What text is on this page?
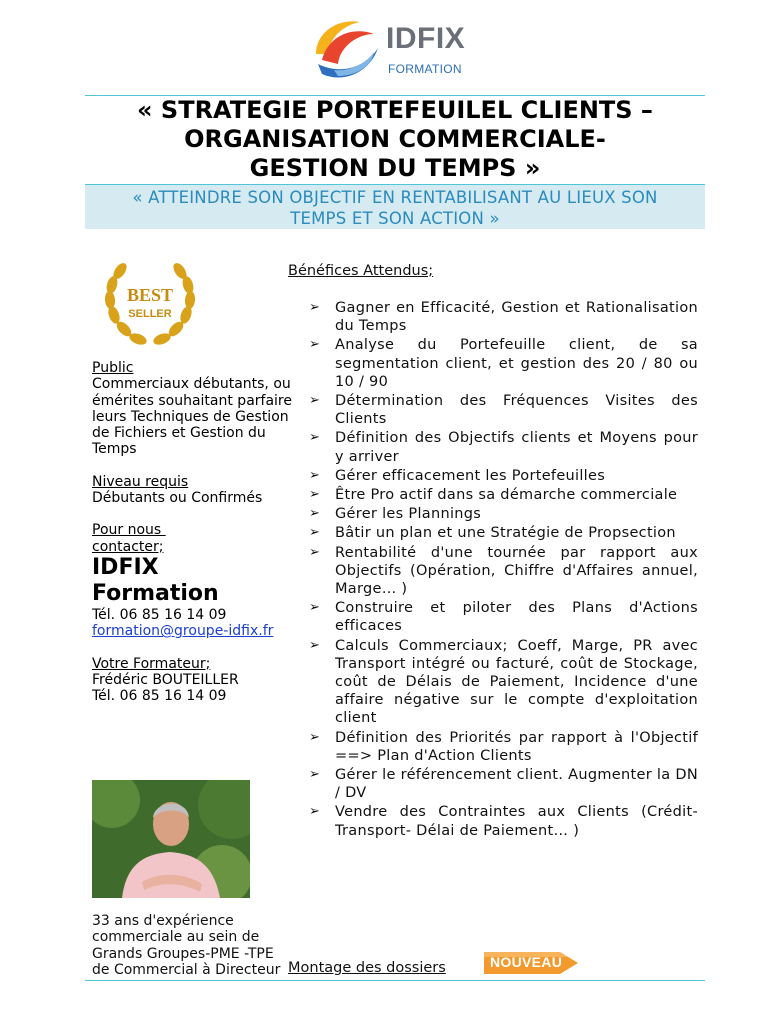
IDFIX
FORMATION
« STRATEGIE PORTEFEUILEL CLIENTS –
ORGANISATION COMMERCIALE-
GESTION DU TEMPS »
« ATTEINDRE SON OBJECTIF EN RENTABILISANT AU LIEUX SON
TEMPS ET SON ACTION »
BEST
SELLER

Public

Commerciaux débutants, ou émérites souhaitant parfaire leurs Techniques de Gestion de Fichiers et Gestion du Temps

Niveau requis

Débutants ou Confirmés

Pour nous

contacter;

IDFIX

Formation

Tél. 06 85 16 14 09

formation@groupe-idfix.fr

Votre Formateur;

Frédéric BOUTEILLER

Tél. 06 85 16 14 09

33 ans d'expérience
commerciale au sein de
Grands Groupes-PME -TPE
de Commercial à Directeur
Bénéfices Attendus;
➢ Gagner en Efficacité, Gestion et Rationalisation du Temps
➢ Analyse du Portefeuille client, de sa segmentation client, et gestion des 20 / 80 ou 10 / 90
➢ Détermination des Fréquences Visites des Clients
➢ Définition des Objectifs clients et Moyens pour y arriver
➢ Gérer efficacement les Portefeuilles
➢ Être Pro actif dans sa démarche commerciale
➢ Gérer les Plannings
➢ Bâtir un plan et une Stratégie de Propsection
➢ Rentabilité d'une tournée par rapport aux Objectifs (Opération, Chiffre d'Affaires annuel, Marge… )
➢ Construire et piloter des Plans d'Actions efficaces
➢ Calculs Commerciaux; Coeff, Marge, PR avec Transport intégré ou facturé, coût de Stockage, coût de Délais de Paiement, Incidence d'une affaire négative sur le compte d'exploitation client
➢ Définition des Priorités par rapport à l'Objectif ==> Plan d'Action Clients
➢ Gérer le référencement client. Augmenter la DN / DV
➢ Vendre des Contraintes aux Clients (Crédit- Transport- Délai de Paiement… )
Montage des dossiers	NOUVEAU
